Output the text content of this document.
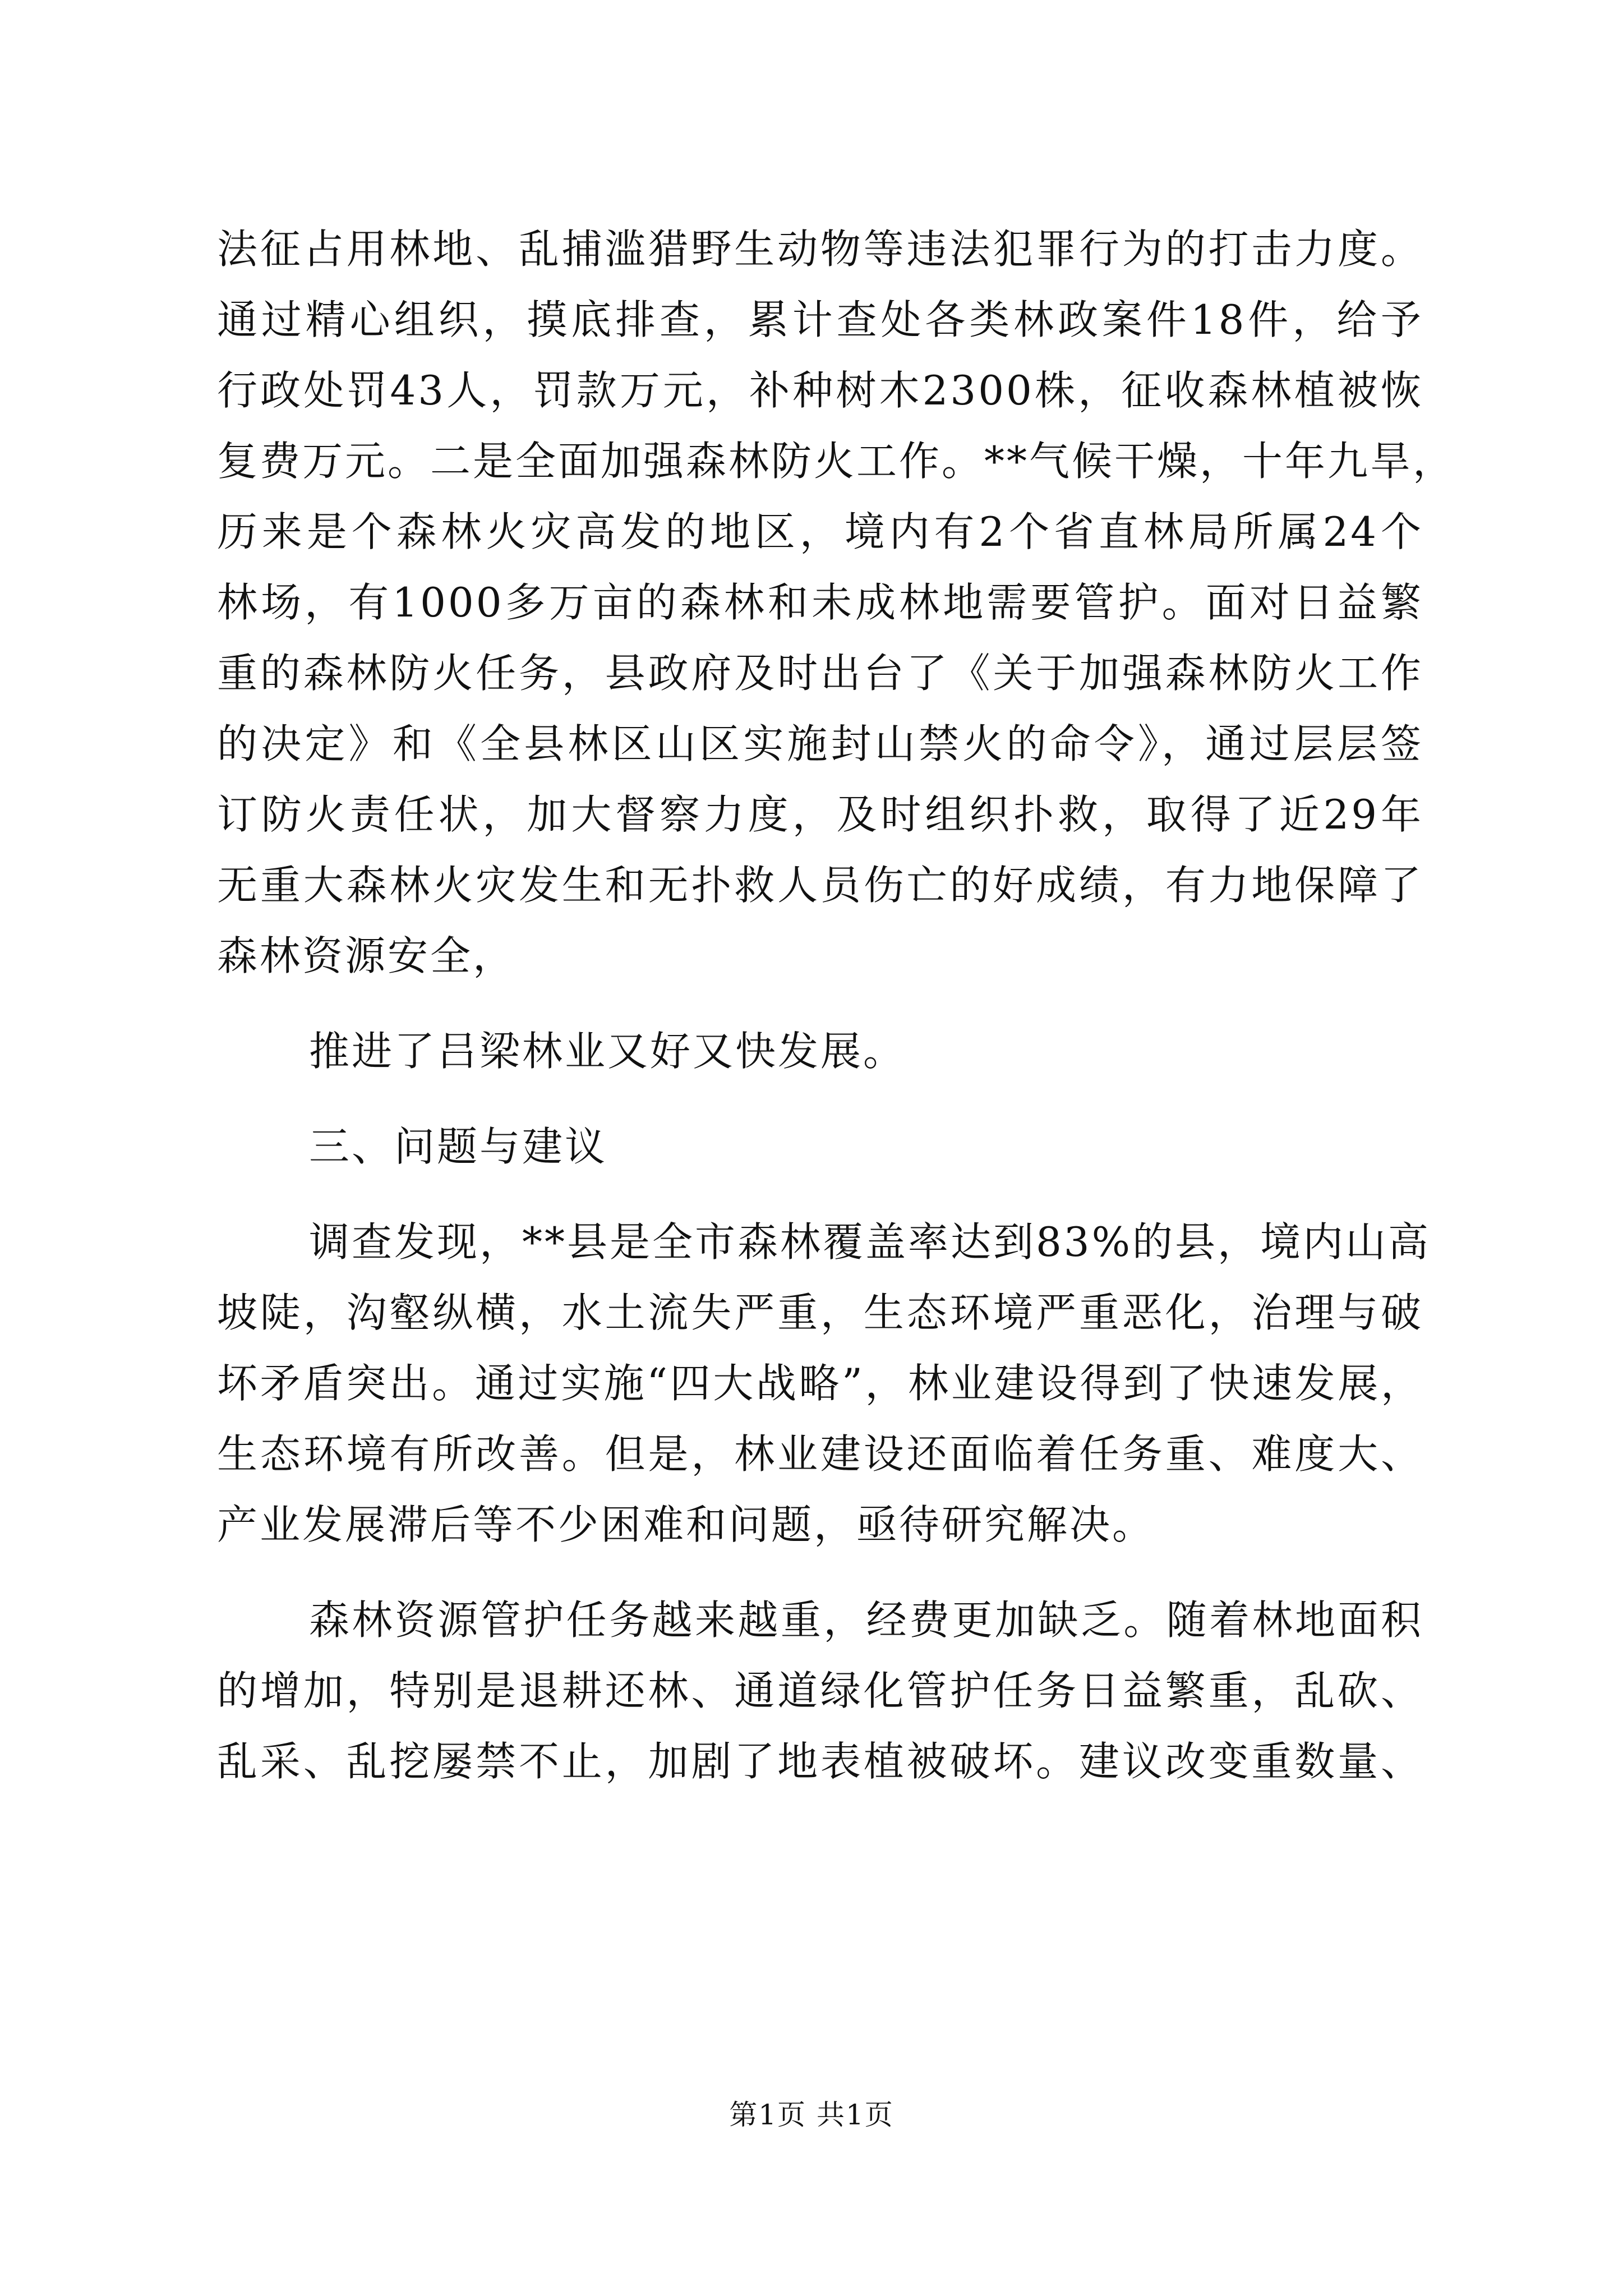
法征占用林地、乱捕滥猎野生动物等违法犯罪行为的打击力度。
通过精心组织，摸底排查，累计查处各类林政案件18件，给予
行政处罚43人，罚款万元，补种树木2300株，征收森林植被恢
复费万元。二是全面加强森林防火工作。**气候干燥，十年九旱，
历来是个森林火灾高发的地区，境内有2个省直林局所属24个
林场，有1000多万亩的森林和未成林地需要管护。面对日益繁
重的森林防火任务，县政府及时出台了《关于加强森林防火工作
的决定》和《全县林区山区实施封山禁火的命令》，通过层层签
订防火责任状，加大督察力度，及时组织扑救，取得了近29年
无重大森林火灾发生和无扑救人员伤亡的好成绩，有力地保障了
森林资源安全，
推进了吕梁林业又好又快发展。
三、问题与建议
调查发现，**县是全市森林覆盖率达到83%的县，境内山高
坡陡，沟壑纵横，水土流失严重，生态环境严重恶化，治理与破
坏矛盾突出。通过实施“四大战略”，林业建设得到了快速发展，
生态环境有所改善。但是，林业建设还面临着任务重、难度大、
产业发展滞后等不少困难和问题，亟待研究解决。
森林资源管护任务越来越重，经费更加缺乏。随着林地面积
的增加，特别是退耕还林、通道绿化管护任务日益繁重，乱砍、
乱采、乱挖屡禁不止，加剧了地表植被破坏。建议改变重数量、
第1页 共1页
